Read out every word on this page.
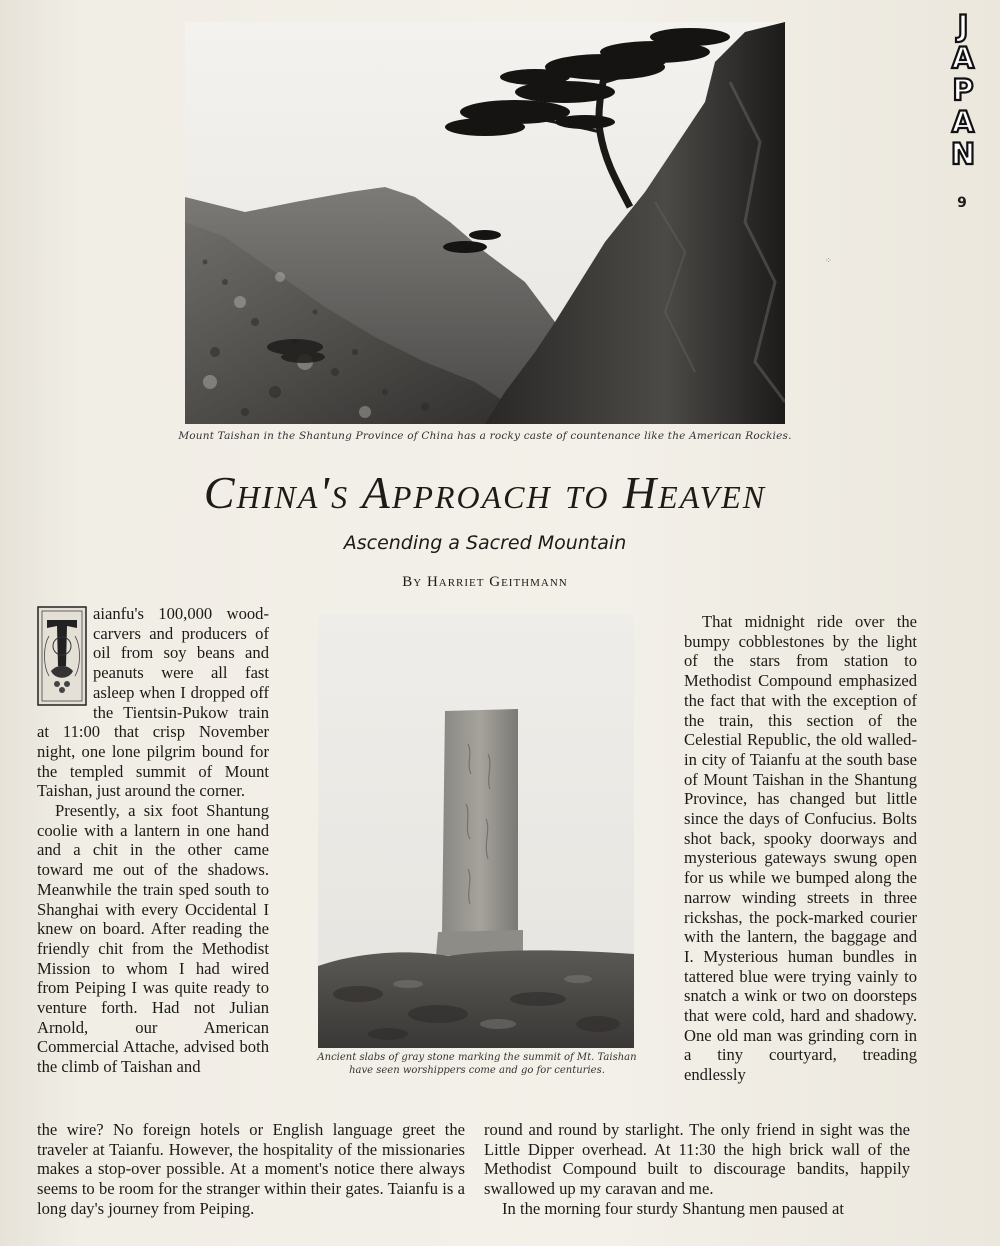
J
A
P
A
N
9
⁘
Mount Taishan in the Shantung Province of China has a rocky caste of countenance like the American Rockies.
China's Approach to Heaven
Ascending a Sacred Mountain
By Harriet Geithmann

aianfu's 100,000 wood-carvers and producers of oil from soy beans and peanuts were all fast asleep when I dropped off the Tientsin-Pukow train at 11:00 that crisp November night, one lone pilgrim bound for the templed summit of Mount Taishan, just around the corner.

Presently, a six foot Shantung coolie with a lantern in one hand and a chit in the other came toward me out of the shadows. Meanwhile the train sped south to Shanghai with every Occidental I knew on board. After reading the friendly chit from the Methodist Mission to whom I had wired from Peiping I was quite ready to venture forth. Had not Julian Arnold, our American Commercial Attache, advised both the climb of Taishan and	Ancient slabs of gray stone marking the summit of Mt. Taishan have seen worshippers come and go for centuries.

That midnight ride over the bumpy cobblestones by the light of the stars from station to Methodist Compound emphasized the fact that with the exception of the train, this section of the Celestial Republic, the old walled-in city of Taianfu at the south base of Mount Taishan in the Shantung Province, has changed but little since the days of Confucius. Bolts shot back, spooky doorways and mysterious gateways swung open for us while we bumped along the narrow winding streets in three rickshas, the pock-marked courier with the lantern, the baggage and I. Mysterious human bundles in tattered blue were trying vainly to snatch a wink or two on doorsteps that were cold, hard and shadowy. One old man was grinding corn in a tiny courtyard, treading endlessly

the wire? No foreign hotels or English language greet the traveler at Taianfu. However, the hospitality of the missionaries makes a stop-over possible. At a moment's notice there always seems to be room for the stranger within their gates. Taianfu is a long day's journey from Peiping.

round and round by starlight. The only friend in sight was the Little Dipper overhead. At 11:30 the high brick wall of the Methodist Compound built to discourage bandits, happily swallowed up my caravan and me.

In the morning four sturdy Shantung men paused at
